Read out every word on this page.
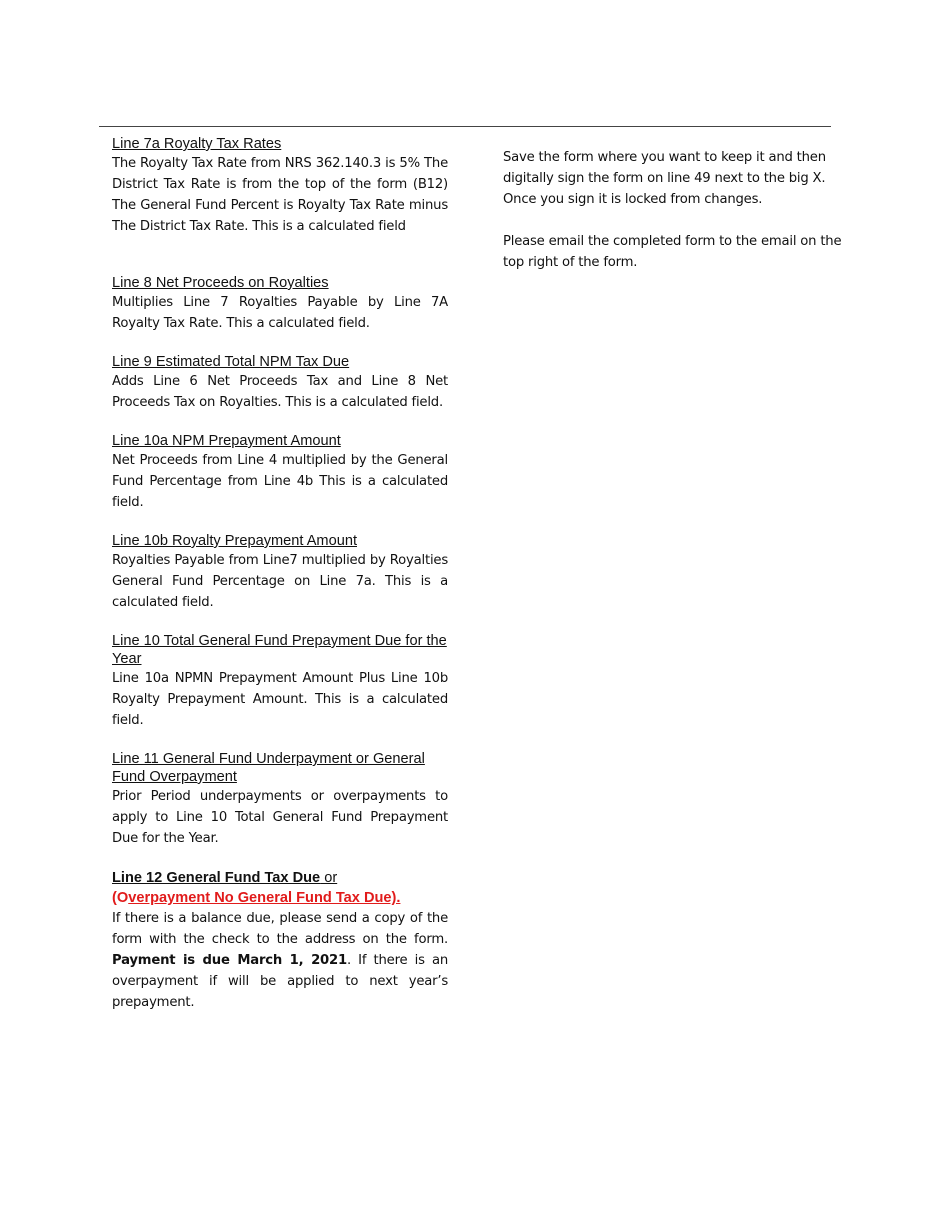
Line 7a Royalty Tax Rates
The Royalty Tax Rate from NRS 362.140.3 is 5% The District Tax Rate is from the top of the form (B12) The General Fund Percent is Royalty Tax Rate minus The District Tax Rate. This is a calculated field
Line 8 Net Proceeds on Royalties
Multiplies Line 7 Royalties Payable by Line 7A Royalty Tax Rate. This a calculated field.
Line 9 Estimated Total NPM Tax Due
Adds Line 6 Net Proceeds Tax and Line 8 Net Proceeds Tax on Royalties. This is a calculated field.
Line 10a NPM Prepayment Amount
Net Proceeds from Line 4 multiplied by the General Fund Percentage from Line 4b This is a calculated field.
Line 10b Royalty Prepayment Amount
Royalties Payable from Line7 multiplied by Royalties General Fund Percentage on Line 7a. This is a calculated field.
Line 10 Total General Fund Prepayment Due for the Year
Line 10a NPMN Prepayment Amount Plus Line 10b Royalty Prepayment Amount. This is a calculated field.
Line 11 General Fund Underpayment or General Fund Overpayment
Prior Period underpayments or overpayments to apply to Line 10 Total General Fund Prepayment Due for the Year.
Line 12 General Fund Tax Due or
(Overpayment No General Fund Tax Due).
If there is a balance due, please send a copy of the form with the check to the address on the form. Payment is due March 1, 2021. If there is an overpayment if will be applied to next year’s prepayment.

Save the form where you want to keep it and then digitally sign the form on line 49 next to the big X. Once you sign it is locked from changes.

Please email the completed form to the email on the top right of the form.
